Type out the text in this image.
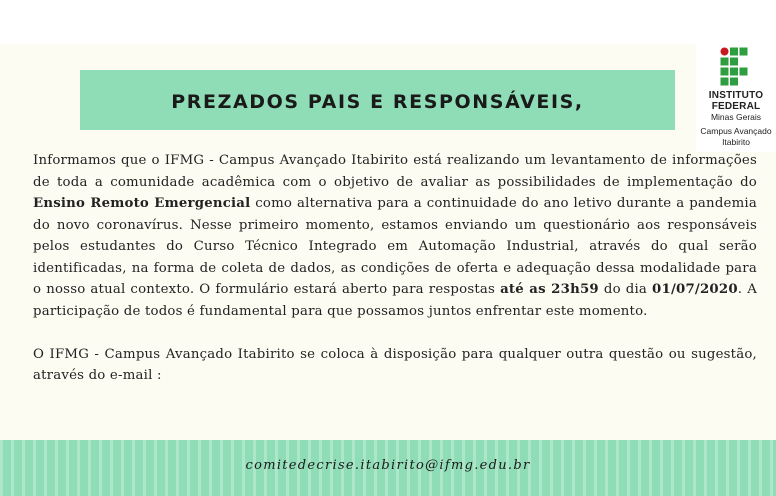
PREZADOS PAIS E RESPONSÁVEIS,	INSTITUTO
FEDERAL
Minas Gerais
Campus Avançado
Itabirito

Informamos que o IFMG - Campus Avançado Itabirito está realizando um levantamento de informações de toda a comunidade acadêmica com o objetivo de avaliar as possibilidades de implementação do Ensino Remoto Emergencial como alternativa para a continuidade do ano letivo durante a pandemia do novo coronavírus. Nesse primeiro momento, estamos enviando um questionário aos responsáveis pelos estudantes do Curso Técnico Integrado em Automação Industrial, através do qual serão identificadas, na forma de coleta de dados, as condições de oferta e adequação dessa modalidade para o nosso atual contexto. O formulário estará aberto para respostas até as 23h59 do dia 01/07/2020. A participação de todos é fundamental para que possamos juntos enfrentar este momento.

O IFMG - Campus Avançado Itabirito se coloca à disposição para qualquer outra questão ou sugestão, através do e-mail :

comitedecrise.itabirito@ifmg.edu.br
